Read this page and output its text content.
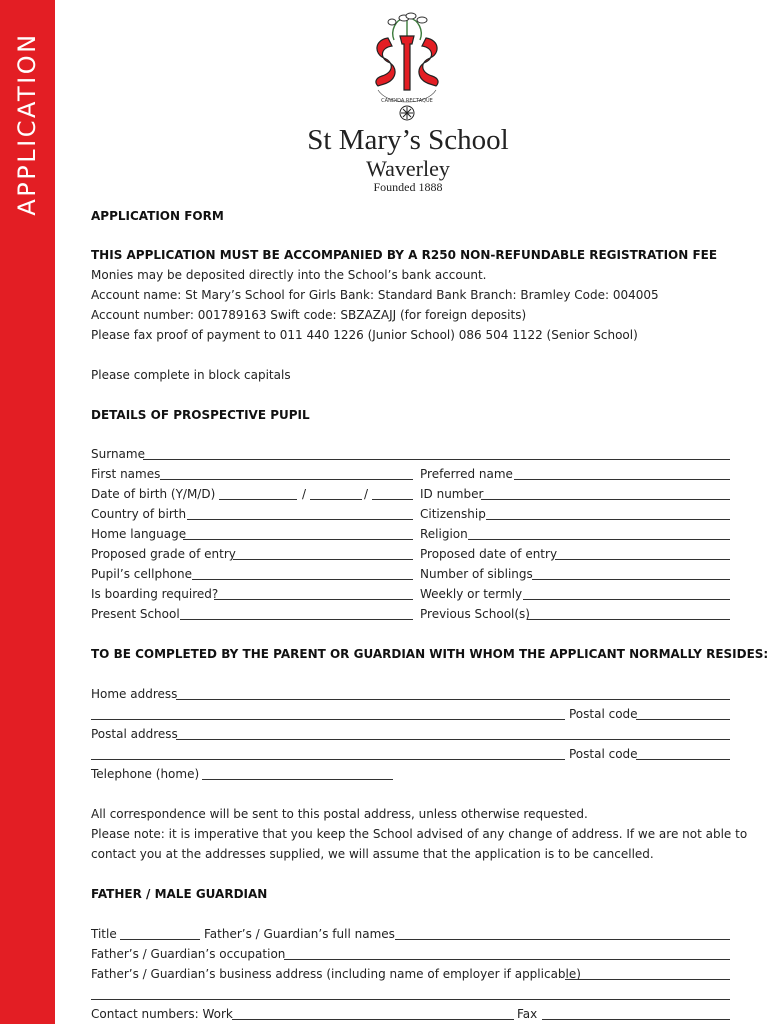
APPLICATION	CANDIDA RECTAQUE
St Mary’s School
Waverley
Founded 1888
APPLICATION FORM
THIS APPLICATION MUST BE ACCOMPANIED BY A R250 NON-REFUNDABLE REGISTRATION FEE
Monies may be deposited directly into the School’s bank account.
Account name: St Mary’s School for Girls Bank: Standard Bank Branch: Bramley Code: 004005
Account number: 001789163 Swift code: SBZAZAJJ (for foreign deposits)
Please fax proof of payment to 011 440 1226 (Junior School) 086 504 1122 (Senior School)
Please complete in block capitals
DETAILS OF PROSPECTIVE PUPIL
Surname
First names	Preferred name
Date of birth (Y/M/D)	/	/	ID number
Country of birth	Citizenship
Home language	Religion
Proposed grade of entry	Proposed date of entry
Pupil’s cellphone	Number of siblings
Is boarding required?	Weekly or termly
Present School	Previous School(s)
TO BE COMPLETED BY THE PARENT OR GUARDIAN WITH WHOM THE APPLICANT NORMALLY RESIDES:
Home address
Postal code
Postal address
Postal code
Telephone (home)
All correspondence will be sent to this postal address, unless otherwise requested.
Please note: it is imperative that you keep the School advised of any change of address. If we are not able to
contact you at the addresses supplied, we will assume that the application is to be cancelled.
FATHER / MALE GUARDIAN
Title	Father’s / Guardian’s full names
Father’s / Guardian’s occupation
Father’s / Guardian’s business address (including name of employer if applicable)
Contact numbers: Work	Fax
